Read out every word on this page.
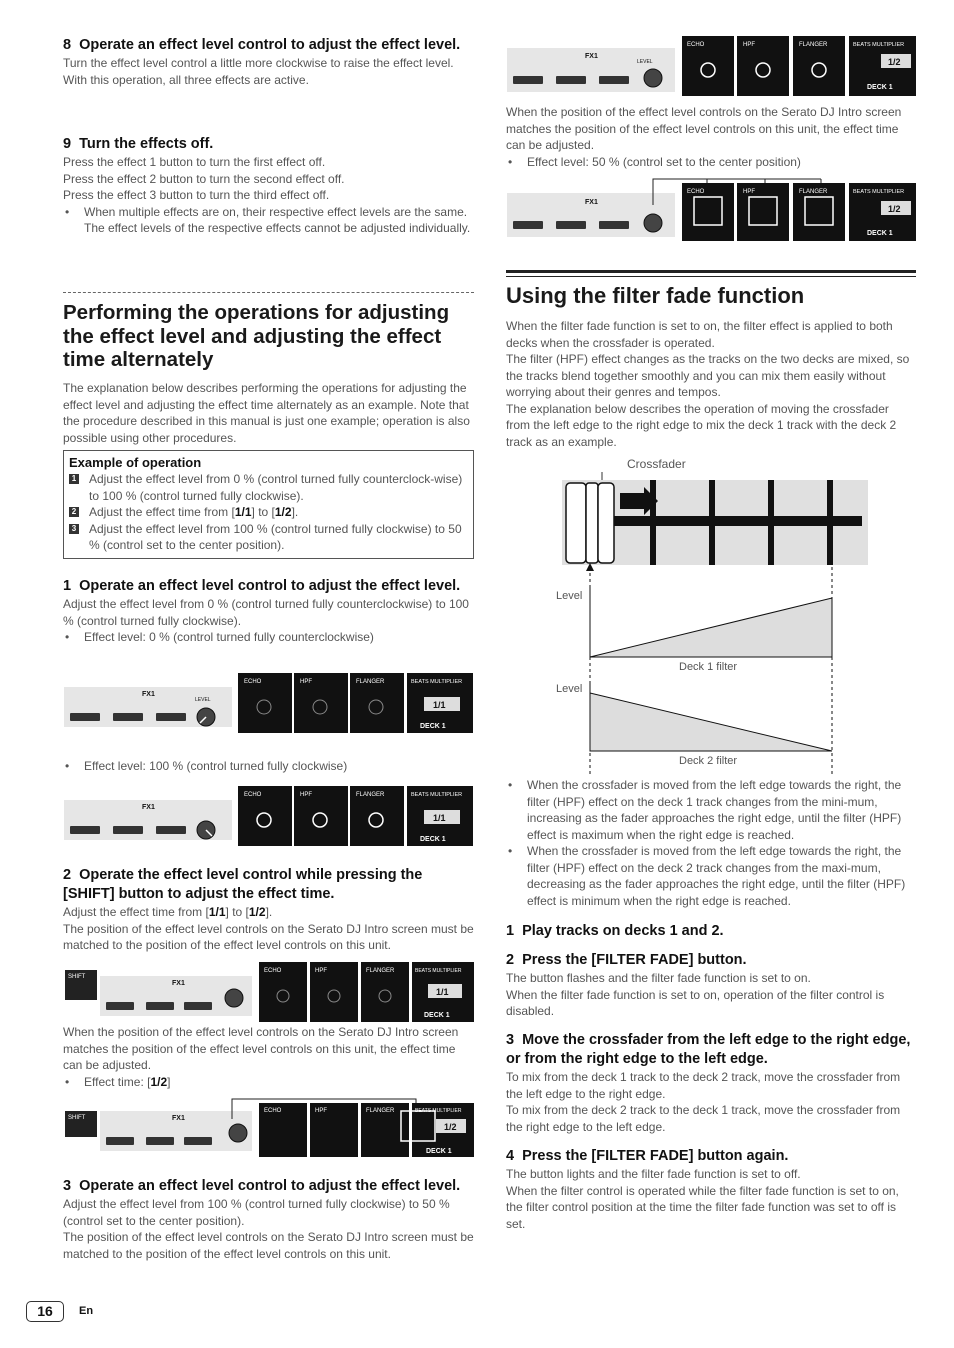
8 Operate an effect level control to adjust the effect level.

Turn the effect level control a little more clockwise to raise the effect level.

With this operation, all three effects are active.

9 Turn the effects off.

Press the effect 1 button to turn the first effect off.

Press the effect 2 button to turn the second effect off.

Press the effect 3 button to turn the third effect off.

• When multiple effects are on, their respective effect levels are the same.

The effect levels of the respective effects cannot be adjusted individually.

Performing the operations for adjusting the effect level and adjusting the effect time alternately

The explanation below describes performing the operations for adjusting the effect level and adjusting the effect time alternately as an example. Note that the procedure described in this manual is just one example; operation is also possible using other procedures.

Example of operation
1 Adjust the effect level from 0 % (control turned fully counterclock-wise) to 100 % (control turned fully clockwise).
2 Adjust the effect time from [1/1] to [1/2].
3 Adjust the effect level from 100 % (control turned fully clockwise) to 50 % (control set to the center position).
1 Operate an effect level control to adjust the effect level.

Adjust the effect level from 0 % (control turned fully counterclockwise) to 100 % (control turned fully clockwise).

• Effect level: 0 % (control turned fully counterclockwise)

FX1
LEVEL
ECHO	HPF	FLANGER	BEATS MULTIPLIER
1/1
DECK 1

• Effect level: 100 % (control turned fully clockwise)

FX1
ECHO	HPF	FLANGER	BEATS MULTIPLIER
1/1
DECK 1
2 Operate the effect level control while pressing the [SHIFT] button to adjust the effect time.

Adjust the effect time from [1/1] to [1/2].

The position of the effect level controls on the Serato DJ Intro screen must be matched to the position of the effect level controls on this unit.

SHIFT
FX1
ECHO	HPF	FLANGER	BEATS MULTIPLIER
1/1
DECK 1

When the position of the effect level controls on the Serato DJ Intro screen matches the position of the effect level controls on this unit, the effect time can be adjusted.

• Effect time: [1/2]

SHIFT	FX1
ECHO	HPF	FLANGER	BEATS MULTIPLIER
1/2
DECK 1
3 Operate an effect level control to adjust the effect level.

Adjust the effect level from 100 % (control turned fully clockwise) to 50 % (control set to the center position).

The position of the effect level controls on the Serato DJ Intro screen must be matched to the position of the effect level controls on this unit.

FX1
LEVEL
ECHO	HPF	FLANGER	BEATS MULTIPLIER
1/2
DECK 1

When the position of the effect level controls on the Serato DJ Intro screen matches the position of the effect level controls on this unit, the effect time can be adjusted.

• Effect level: 50 % (control set to the center position)

FX1
ECHO	HPF	FLANGER	BEATS MULTIPLIER
1/2
DECK 1
Using the filter fade function

When the filter fade function is set to on, the filter effect is applied to both decks when the crossfader is operated.

The filter (HPF) effect changes as the tracks on the two decks are mixed, so the tracks blend together smoothly and you can mix them easily without worrying about their genres and tempos.

The explanation below describes the operation of moving the crossfader from the left edge to the right edge to mix the deck 1 track with the deck 2 track as an example.

Crossfader
Level
Deck 1 filter
Level
Deck 2 filter

• When the crossfader is moved from the left edge towards the right, the filter (HPF) effect on the deck 1 track changes from the mini-mum, increasing as the fader approaches the right edge, until the filter (HPF) effect is maximum when the right edge is reached.

• When the crossfader is moved from the left edge towards the right, the filter (HPF) effect on the deck 2 track changes from the maxi-mum, decreasing as the fader approaches the right edge, until the filter (HPF) effect is minimum when the right edge is reached.

1 Play tracks on decks 1 and 2.
2 Press the [FILTER FADE] button.

The button flashes and the filter fade function is set to on.

When the filter fade function is set to on, operation of the filter control is disabled.

3 Move the crossfader from the left edge to the right edge, or from the right edge to the left edge.

To mix from the deck 1 track to the deck 2 track, move the crossfader from the left edge to the right edge.

To mix from the deck 2 track to the deck 1 track, move the crossfader from the right edge to the left edge.

4 Press the [FILTER FADE] button again.

The button lights and the filter fade function is set to off.

When the filter control is operated while the filter fade function is set to on, the filter control position at the time the filter fade function was set to off is set.

16	En
